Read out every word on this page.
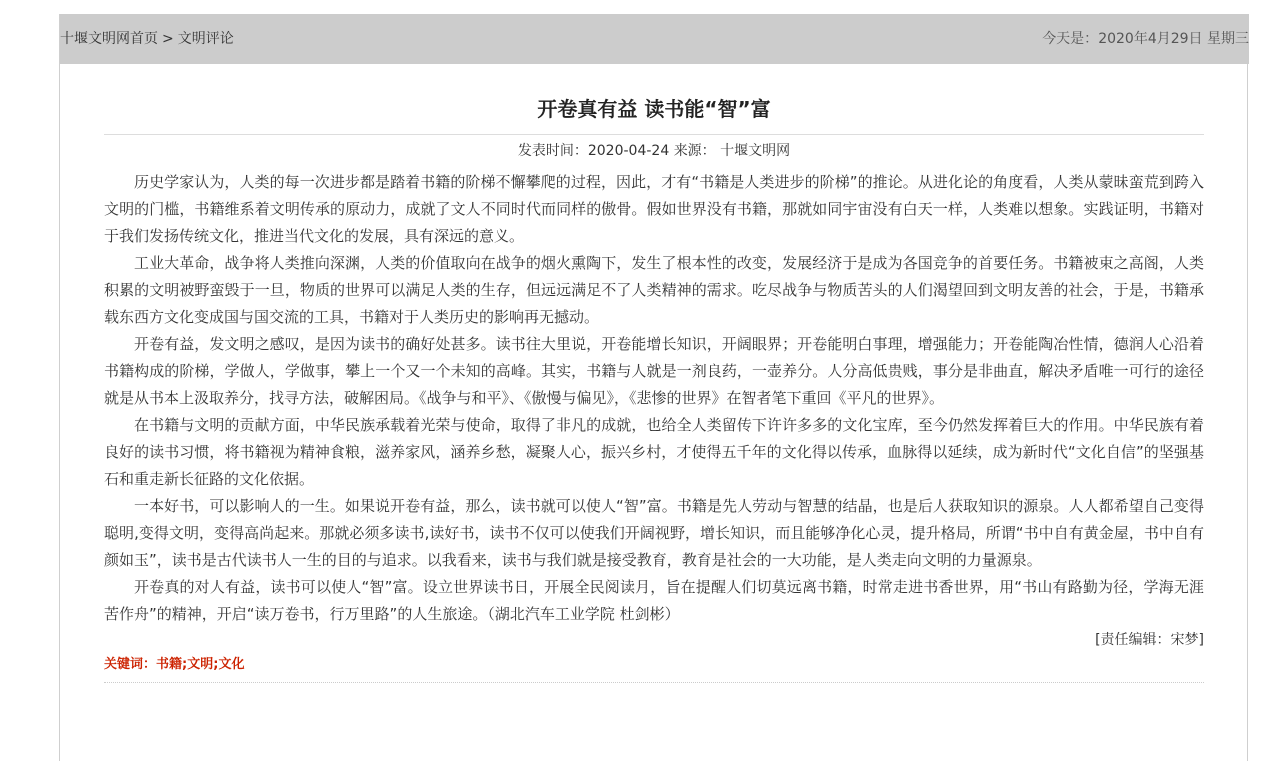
十堰文明网首页 > 文明评论	今天是：2020年4月29日 星期三
开卷真有益 读书能“智”富
发表时间：2020-04-24 来源： 十堰文明网

历史学家认为，人类的每一次进步都是踏着书籍的阶梯不懈攀爬的过程，因此，才有“书籍是人类进步的阶梯”的推论。从进化论的角度看，人类从蒙昧蛮荒到跨入文明的门槛，书籍维系着文明传承的原动力，成就了文人不同时代而同样的傲骨。假如世界没有书籍，那就如同宇宙没有白天一样，人类难以想象。实践证明，书籍对于我们发扬传统文化，推进当代文化的发展，具有深远的意义。

工业大革命，战争将人类推向深渊，人类的价值取向在战争的烟火熏陶下，发生了根本性的改变，发展经济于是成为各国竞争的首要任务。书籍被束之高阁，人类积累的文明被野蛮毁于一旦，物质的世界可以满足人类的生存，但远远满足不了人类精神的需求。吃尽战争与物质苦头的人们渴望回到文明友善的社会，于是，书籍承载东西方文化变成国与国交流的工具，书籍对于人类历史的影响再无撼动。

开卷有益，发文明之感叹，是因为读书的确好处甚多。读书往大里说，开卷能增长知识，开阔眼界；开卷能明白事理，增强能力；开卷能陶冶性情，德润人心沿着书籍构成的阶梯，学做人，学做事，攀上一个又一个未知的高峰。其实，书籍与人就是一剂良药，一壶养分。人分高低贵贱，事分是非曲直，解决矛盾唯一可行的途径就是从书本上汲取养分，找寻方法，破解困局。《战争与和平》、《傲慢与偏见》，《悲惨的世界》在智者笔下重回《平凡的世界》。

在书籍与文明的贡献方面，中华民族承载着光荣与使命，取得了非凡的成就，也给全人类留传下许许多多的文化宝库，至今仍然发挥着巨大的作用。中华民族有着良好的读书习惯，将书籍视为精神食粮，滋养家风，涵养乡愁，凝聚人心，振兴乡村，才使得五千年的文化得以传承，血脉得以延续，成为新时代“文化自信”的坚强基石和重走新长征路的文化依据。

一本好书，可以影响人的一生。如果说开卷有益，那么，读书就可以使人“智”富。书籍是先人劳动与智慧的结晶，也是后人获取知识的源泉。人人都希望自己变得聪明,变得文明，变得高尚起来。那就必须多读书,读好书，读书不仅可以使我们开阔视野，增长知识，而且能够净化心灵，提升格局，所谓“书中自有黄金屋，书中自有颜如玉”，读书是古代读书人一生的目的与追求。以我看来，读书与我们就是接受教育，教育是社会的一大功能，是人类走向文明的力量源泉。

开卷真的对人有益，读书可以使人“智”富。设立世界读书日，开展全民阅读月，旨在提醒人们切莫远离书籍，时常走进书香世界，用“书山有路勤为径，学海无涯苦作舟”的精神，开启“读万卷书，行万里路”的人生旅途。（湖北汽车工业学院 杜剑彬）

[责任编辑：宋梦]
关键词：书籍;文明;文化
